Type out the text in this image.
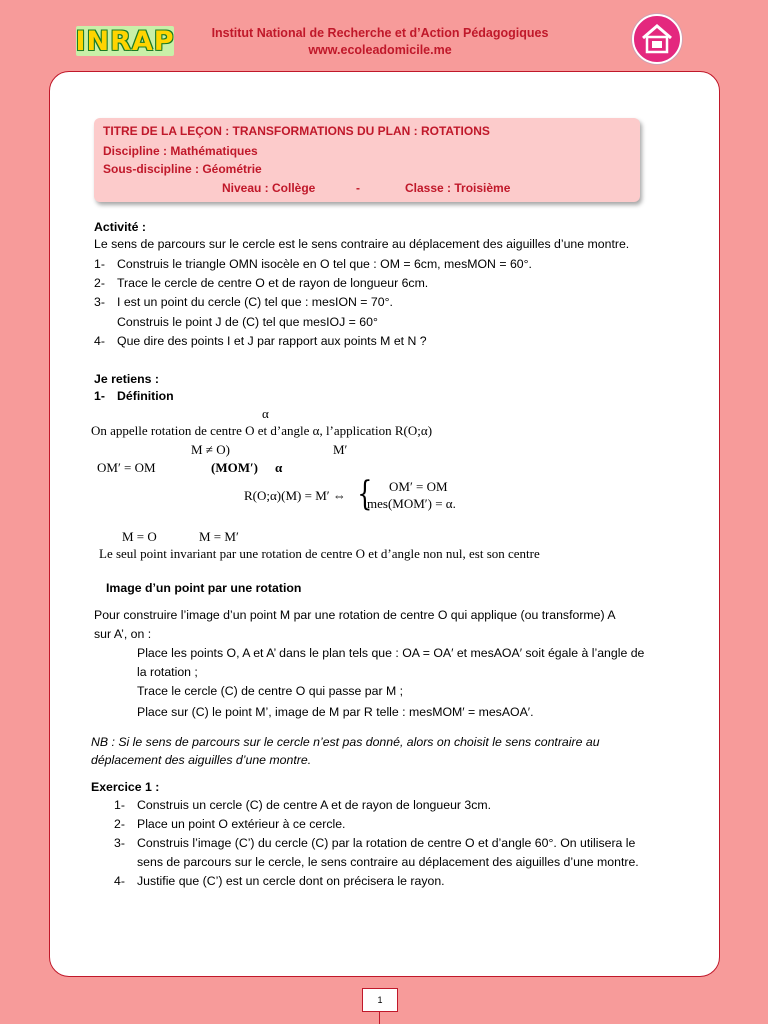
INRAP	Institut National de Recherche et d’Action Pédagogiques
www.ecoleadomicile.me
TITRE DE LA LEÇON : TRANSFORMATIONS DU PLAN : ROTATIONS
Discipline : Mathématiques
Sous-discipline : Géométrie
Niveau : Collège	-	Classe : Troisième
Activité :
Le sens de parcours sur le cercle est le sens contraire au déplacement des aiguilles d’une montre.
1- Construis le triangle OMN isocèle en O tel que : OM = 6cm, mesMON = 60°.
2- Trace le cercle de centre O et de rayon de longueur 6cm.
3- I est un point du cercle (C) tel que : mesION = 70°.
Construis le point J de (C) tel que mesIOJ = 60°
4- Que dire des points I et J par rapport aux points M et N ?
Je retiens :
1- Définition
α
On appelle rotation de centre O et d’angle α, l’application R(O;α)
M ≠ O)	M′
OM′ = OM	(MOM′) α
R(O;α)(M) = M′ ⇔ { OM′ = OM
mes(MOM′) = α.
M = O	M = M′
Le seul point invariant par une rotation de centre O et d’angle non nul, est son centre
Image d’un point par une rotation
Pour construire l’image d’un point M par une rotation de centre O qui applique (ou transforme) A
sur A’, on :
Place les points O, A et A’ dans le plan tels que : OA = OA′ et mesAOA′ soit égale à l’angle de
la rotation ;
Trace le cercle (C) de centre O qui passe par M ;
Place sur (C) le point M’, image de M par R telle : mesMOM′ = mesAOA′.
NB : Si le sens de parcours sur le cercle n’est pas donné, alors on choisit le sens contraire au
déplacement des aiguilles d’une montre.
Exercice 1 :
1- Construis un cercle (C) de centre A et de rayon de longueur 3cm.
2- Place un point O extérieur à ce cercle.
3- Construis l’image (C’) du cercle (C) par la rotation de centre O et d’angle 60°. On utilisera le
sens de parcours sur le cercle, le sens contraire au déplacement des aiguilles d’une montre.
4- Justifie que (C’) est un cercle dont on précisera le rayon.
1
